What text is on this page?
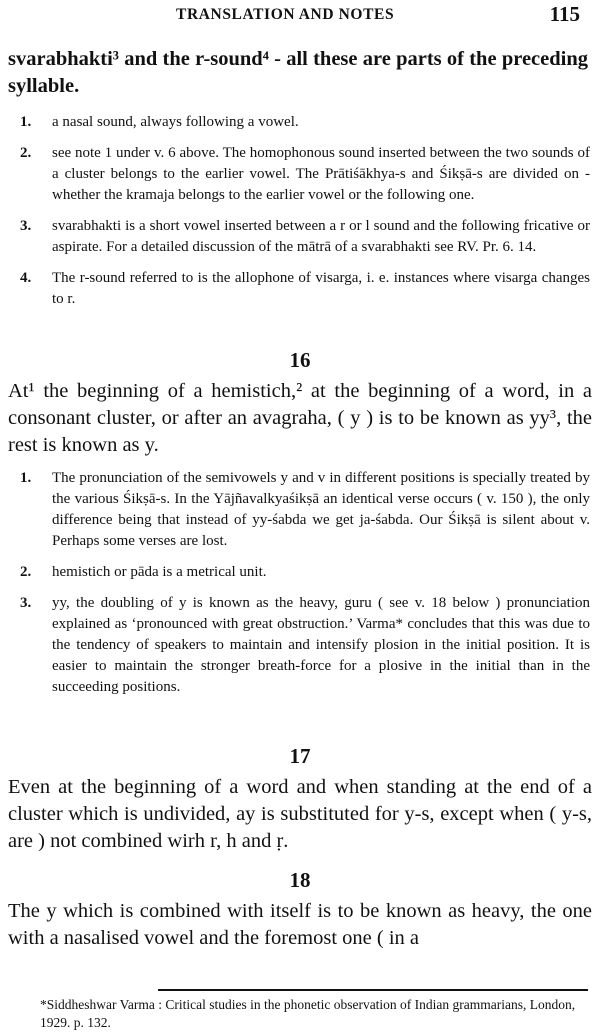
TRANSLATION AND NOTES	115

svarabhakti³ and the r-sound⁴ - all these are parts of the preceding syllable.

1.	a nasal sound, always following a vowel.
2.	see note 1 under v. 6 above. The homophonous sound inserted between the two sounds of a cluster belongs to the earlier vowel. The Prātiśākhya-s and Śikṣā-s are divided on - whether the kramaja belongs to the earlier vowel or the following one.
3.	svarabhakti is a short vowel inserted between a r or l sound and the following fricative or aspirate. For a detailed discussion of the mātrā of a svarabhakti see RV. Pr. 6. 14.
4.	The r-sound referred to is the allophone of visarga, i. e. instances where visarga changes to r.
16

At¹ the beginning of a hemistich,² at the beginning of a word, in a consonant cluster, or after an avagraha, ( y ) is to be known as yy³, the rest is known as y.

1.	The pronunciation of the semivowels y and v in different positions is specially treated by the various Śikṣā-s. In the Yājñavalkyaśikṣā an identical verse occurs ( v. 150 ), the only difference being that instead of yy-śabda we get ja-śabda. Our Śikṣā is silent about v. Perhaps some verses are lost.
2.	hemistich or pāda is a metrical unit.
3.	yy, the doubling of y is known as the heavy, guru ( see v. 18 below ) pronunciation explained as ‘pronounced with great obstruction.’ Varma* concludes that this was due to the tendency of speakers to maintain and intensify plosion in the initial position. It is easier to maintain the stronger breath-force for a plosive in the initial than in the succeeding positions.
17

Even at the beginning of a word and when standing at the end of a cluster which is undivided, ay is substituted for y-s, except when ( y-s, are ) not combined wirh r, h and ṛ.

18

The y which is combined with itself is to be known as heavy, the one with a nasalised vowel and the foremost one ( in a

*Siddheshwar Varma : Critical studies in the phonetic observation of Indian grammarians, London, 1929. p. 132.
